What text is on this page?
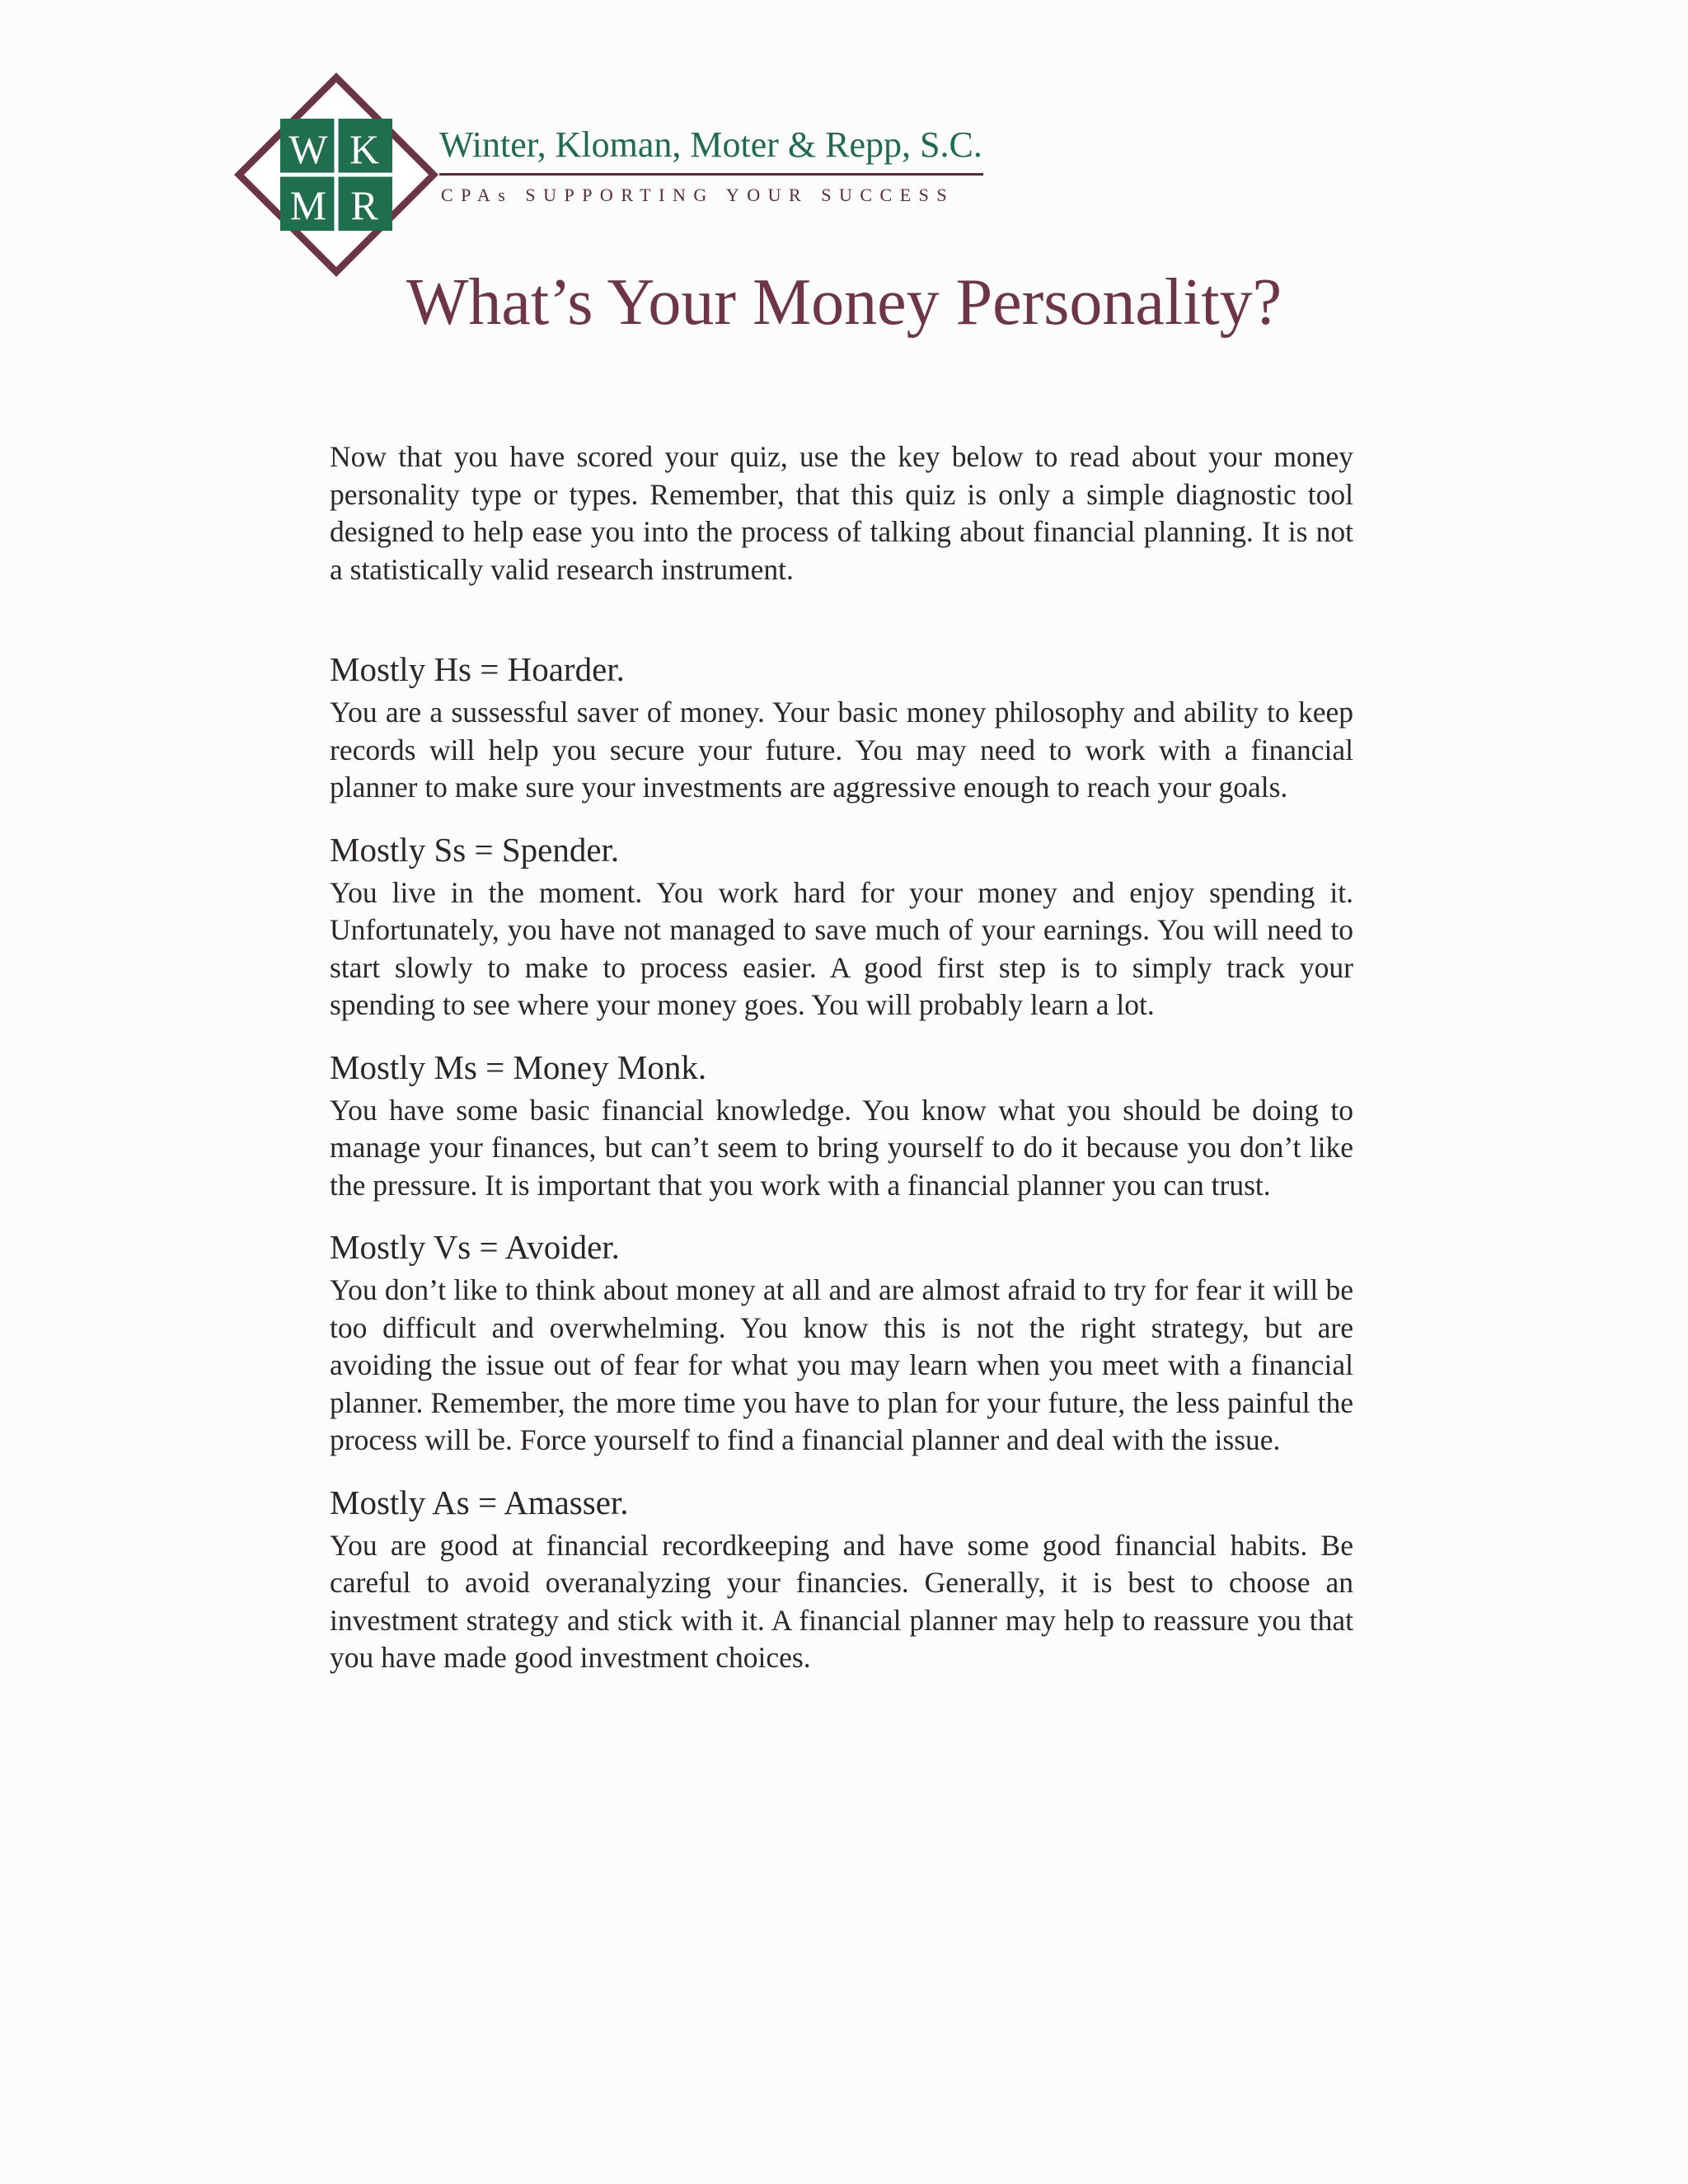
W K
M R
Winter, Kloman, Moter & Repp, S.C.
CPAs SUPPORTING YOUR SUCCESS
What’s Your Money Personality?

Now that you have scored your quiz, use the key below to read about your money personality type or types. Remember, that this quiz is only a simple diagnostic tool designed to help ease you into the process of talking about financial planning. It is not a statistically valid research instrument.

Mostly Hs = Hoarder.

You are a sussessful saver of money. Your basic money philosophy and ability to keep records will help you secure your future. You may need to work with a financial planner to make sure your investments are aggressive enough to reach your goals.

Mostly Ss = Spender.

You live in the moment. You work hard for your money and enjoy spending it. Unfortunately, you have not managed to save much of your earnings. You will need to start slowly to make to process easier. A good first step is to simply track your spending to see where your money goes. You will probably learn a lot.

Mostly Ms = Money Monk.

You have some basic financial knowledge. You know what you should be doing to manage your finances, but can’t seem to bring yourself to do it because you don’t like the pressure. It is important that you work with a financial planner you can trust.

Mostly Vs = Avoider.

You don’t like to think about money at all and are almost afraid to try for fear it will be too difficult and overwhelming. You know this is not the right strategy, but are avoiding the issue out of fear for what you may learn when you meet with a financial planner. Remember, the more time you have to plan for your future, the less painful the process will be. Force yourself to find a financial planner and deal with the issue.

Mostly As = Amasser.

You are good at financial recordkeeping and have some good financial habits. Be careful to avoid overanalyzing your financies. Generally, it is best to choose an investment strategy and stick with it. A financial planner may help to reassure you that you have made good investment choices.
